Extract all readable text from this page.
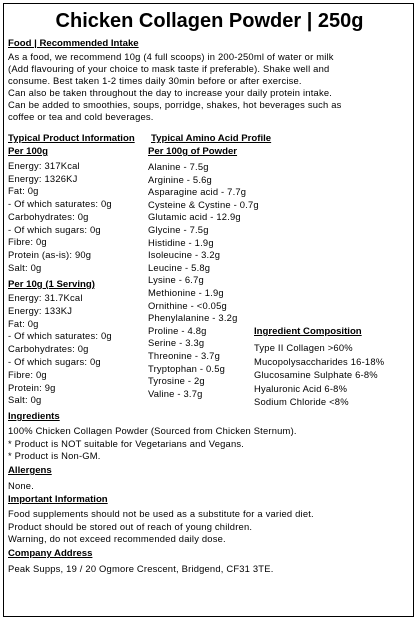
Chicken Collagen Powder | 250g
Food | Recommended Intake
As a food, we recommend 10g (4 full scoops) in 200-250ml of water or milk
(Add flavouring of your choice to mask taste if preferable). Shake well and
consume. Best taken 1-2 times daily 30min before or after exercise.
Can also be taken throughout the day to increase your daily protein intake.
Can be added to smoothies, soups, porridge, shakes, hot beverages such as
coffee or tea and cold beverages.
Typical Product Information
Per 100g
Energy: 317Kcal
Energy: 1326KJ
Fat: 0g
- Of which saturates: 0g
Carbohydrates: 0g
- Of which sugars: 0g
Fibre: 0g
Protein (as-is): 90g
Salt: 0g
Per 10g (1 Serving)
Energy: 31.7Kcal
Energy: 133KJ
Fat: 0g
- Of which saturates: 0g
Carbohydrates: 0g
- Of which sugars: 0g
Fibre: 0g
Protein: 9g
Salt: 0g
Typical Amino Acid Profile
Per 100g of Powder
Alanine - 7.5g
Arginine - 5.6g
Asparagine acid - 7.7g
Cysteine & Cystine - 0.7g
Glutamic acid - 12.9g
Glycine - 7.5g
Histidine - 1.9g
Isoleucine - 3.2g
Leucine - 5.8g
Lysine - 6.7g
Methionine - 1.9g
Ornithine - <0.05g
Phenylalanine - 3.2g
Proline - 4.8g
Serine - 3.3g
Threonine - 3.7g
Tryptophan - 0.5g
Tyrosine - 2g
Valine - 3.7g
Ingredient Composition
Type II Collagen >60%
Mucopolysaccharides 16-18%
Glucosamine Sulphate 6-8%
Hyaluronic Acid 6-8%
Sodium Chloride <8%
Ingredients
100% Chicken Collagen Powder (Sourced from Chicken Sternum).
* Product is NOT suitable for Vegetarians and Vegans.
* Product is Non-GM.
Allergens
None.
Important Information
Food supplements should not be used as a substitute for a varied diet.
Product should be stored out of reach of young children.
Warning, do not exceed recommended daily dose.
Company Address
Peak Supps, 19 / 20 Ogmore Crescent, Bridgend, CF31 3TE.
